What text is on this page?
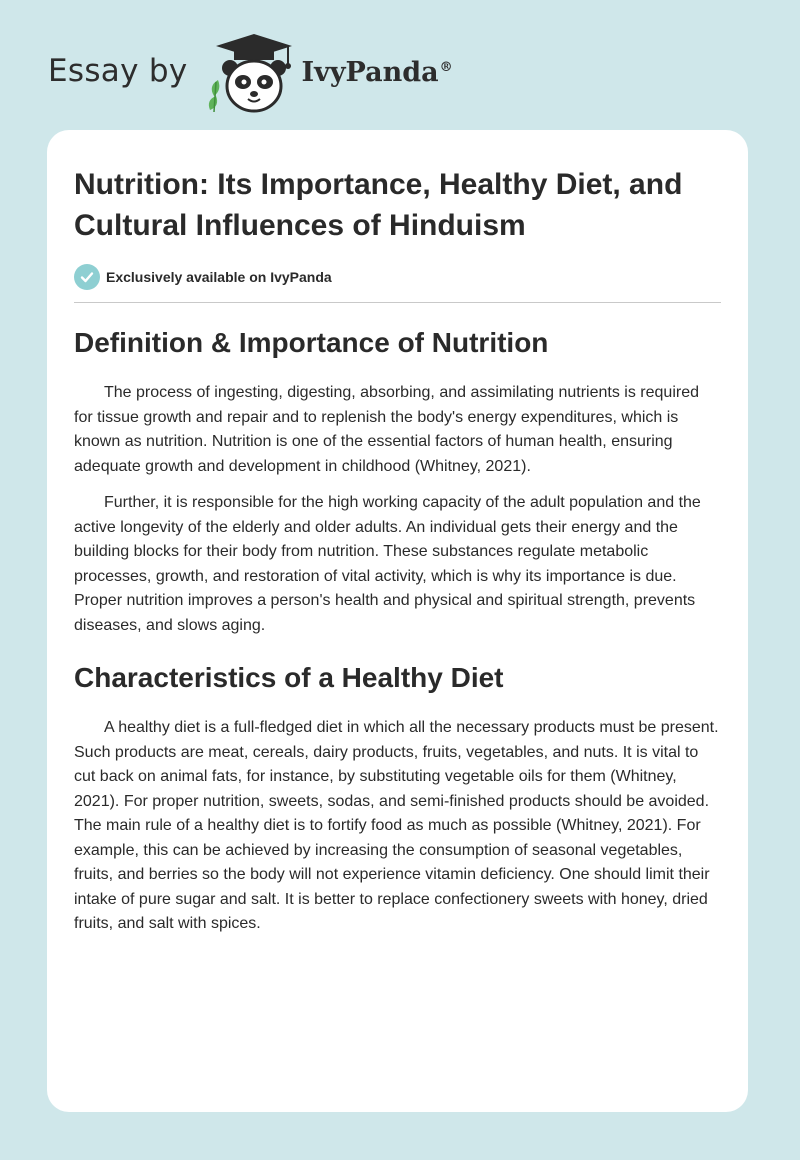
Essay by	IvyPanda®
Nutrition: Its Importance, Healthy Diet, and Cultural Influences of Hinduism
Exclusively available on IvyPanda
Definition & Importance of Nutrition

The process of ingesting, digesting, absorbing, and assimilating nutrients is required for tissue growth and repair and to replenish the body's energy expenditures, which is known as nutrition. Nutrition is one of the essential factors of human health, ensuring adequate growth and development in childhood (Whitney, 2021).

Further, it is responsible for the high working capacity of the adult population and the active longevity of the elderly and older adults. An individual gets their energy and the building blocks for their body from nutrition. These substances regulate metabolic processes, growth, and restoration of vital activity, which is why its importance is due. Proper nutrition improves a person's health and physical and spiritual strength, prevents diseases, and slows aging.

Characteristics of a Healthy Diet

A healthy diet is a full-fledged diet in which all the necessary products must be present. Such products are meat, cereals, dairy products, fruits, vegetables, and nuts. It is vital to cut back on animal fats, for instance, by substituting vegetable oils for them (Whitney, 2021). For proper nutrition, sweets, sodas, and semi-finished products should be avoided. The main rule of a healthy diet is to fortify food as much as possible (Whitney, 2021). For example, this can be achieved by increasing the consumption of seasonal vegetables, fruits, and berries so the body will not experience vitamin deficiency. One should limit their intake of pure sugar and salt. It is better to replace confectionery sweets with honey, dried fruits, and salt with spices.
